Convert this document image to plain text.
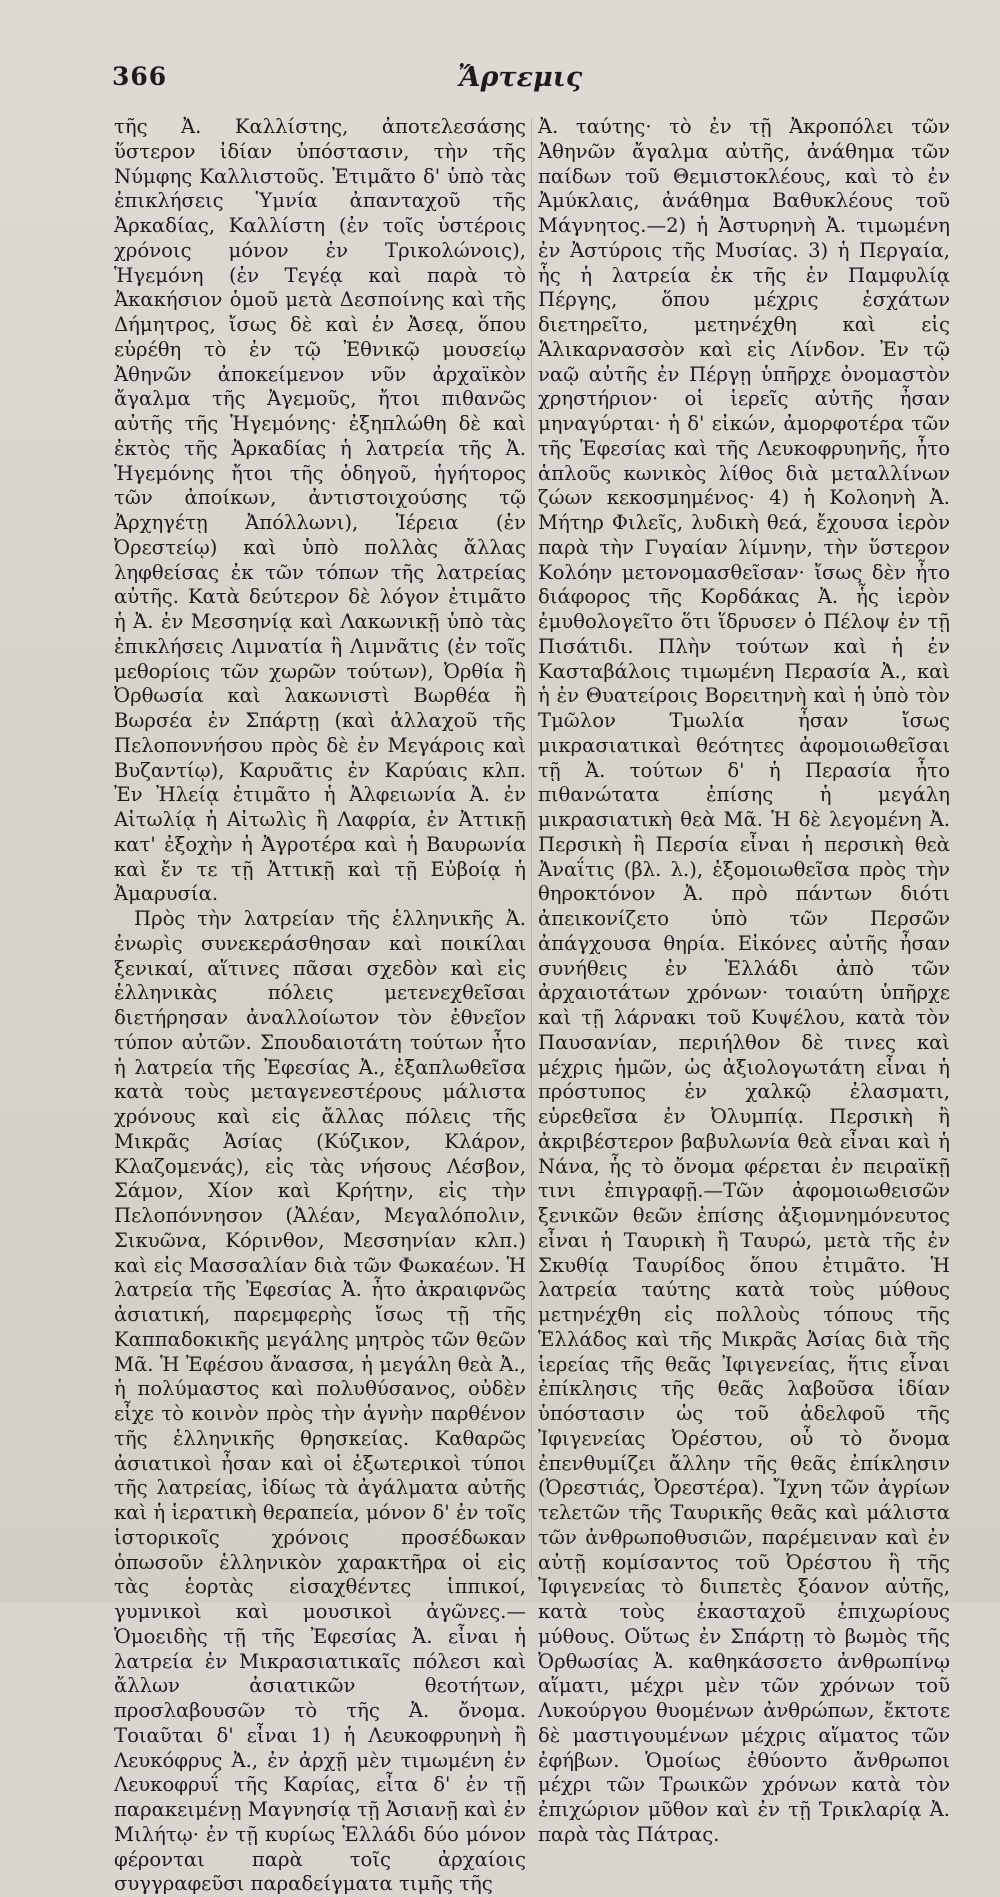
366	Ἄρτεμις

τῆς Ἀ. Καλλίστης, ἀποτελεσάσης ὕστερον ἰδίαν ὑπόστασιν, τὴν τῆς Νύμφης Καλλιστοῦς. Ἐτιμᾶτο δ' ὑπὸ τὰς ἐπικλήσεις Ὑμνία ἀπανταχοῦ τῆς Ἀρκαδίας, Καλλίστη (ἐν τοῖς ὑστέροις χρόνοις μόνον ἐν Τρικολώνοις), Ἡγεμόνη (ἐν Τεγέᾳ καὶ παρὰ τὸ Ἀκακήσιον ὁμοῦ μετὰ Δεσποίνης καὶ τῆς Δήμητρος, ἴσως δὲ καὶ ἐν Ἀσεᾳ, ὅπου εὑρέθη τὸ ἐν τῷ Ἐθνικῷ μουσείῳ Ἀθηνῶν ἀποκείμενον νῦν ἀρχαϊκὸν ἄγαλμα τῆς Ἀγεμοῦς, ἤτοι πιθανῶς αὐτῆς τῆς Ἡγεμόνης· ἐξηπλώθη δὲ καὶ ἐκτὸς τῆς Ἀρκαδίας ἡ λατρεία τῆς Ἀ. Ἡγεμόνης ἤτοι τῆς ὁδηγοῦ, ἡγήτορος τῶν ἀποίκων, ἀντιστοιχούσης τῷ Ἀρχηγέτῃ Ἀπόλλωνι), Ἱέρεια (ἐν Ὀρεστείῳ) καὶ ὑπὸ πολλὰς ἄλλας ληφθείσας ἐκ τῶν τόπων τῆς λατρείας αὐτῆς. Κατὰ δεύτερον δὲ λόγον ἐτιμᾶτο ἡ Ἀ. ἐν Μεσσηνίᾳ καὶ Λακωνικῇ ὑπὸ τὰς ἐπικλήσεις Λιμνατία ἢ Λιμνᾶτις (ἐν τοῖς μεθορίοις τῶν χωρῶν τούτων), Ὀρθία ἢ Ὀρθωσία καὶ λακωνιστὶ Βωρθέα ἢ Βωρσέα ἐν Σπάρτῃ (καὶ ἀλλαχοῦ τῆς Πελοποννήσου πρὸς δὲ ἐν Μεγάροις καὶ Βυζαντίῳ), Καρυᾶτις ἐν Καρύαις κλπ. Ἐν Ἠλείᾳ ἐτιμᾶτο ἡ Ἀλφειωνία Ἀ. ἐν Αἰτωλίᾳ ἡ Αἰτωλὶς ἢ Λαφρία, ἐν Ἀττικῇ κατ' ἐξοχὴν ἡ Ἀγροτέρα καὶ ἡ Βαυρωνία καὶ ἔν τε τῇ Ἀττικῇ καὶ τῇ Εὐβοίᾳ ἡ Ἀμαρυσία.

Πρὸς τὴν λατρείαν τῆς ἑλληνικῆς Ἀ. ἐνωρὶς συνεκεράσθησαν καὶ ποικίλαι ξενικαί, αἵτινες πᾶσαι σχεδὸν καὶ εἰς ἑλληνικὰς πόλεις μετενεχθεῖσαι διετήρησαν ἀναλλοίωτον τὸν ἐθνεῖον τύπον αὐτῶν. Σπουδαιοτάτη τούτων ἦτο ἡ λατρεία τῆς Ἐφεσίας Ἀ., ἐξαπλωθεῖσα κατὰ τοὺς μεταγενεστέρους μάλιστα χρόνους καὶ εἰς ἄλλας πόλεις τῆς Μικρᾶς Ἀσίας (Κύζικον, Κλάρον, Κλαζομενάς), εἰς τὰς νήσους Λέσβον, Σάμον, Χίον καὶ Κρήτην, εἰς τὴν Πελοπόννησον (Ἀλέαν, Μεγαλόπολιν, Σικυῶνα, Κόρινθον, Μεσσηνίαν κλπ.) καὶ εἰς Μασσαλίαν διὰ τῶν Φωκαέων. Ἡ λατρεία τῆς Ἐφεσίας Ἀ. ἦτο ἀκραιφνῶς ἀσιατική, παρεμφερὴς ἴσως τῇ τῆς Καππαδοκικῆς μεγάλης μητρὸς τῶν θεῶν Μᾶ. Ἡ Ἐφέσου ἄνασσα, ἡ μεγάλη θεὰ Ἀ., ἡ πολύμαστος καὶ πολυθύσανος, οὐδὲν εἶχε τὸ κοινὸν πρὸς τὴν ἁγνὴν παρθένον τῆς ἑλληνικῆς θρησκείας. Καθαρῶς ἀσιατικοὶ ἦσαν καὶ οἱ ἐξωτερικοὶ τύποι τῆς λατρείας, ἰδίως τὰ ἀγάλματα αὐτῆς καὶ ἡ ἱερατικὴ θεραπεία, μόνον δ' ἐν τοῖς ἱστορικοῖς χρόνοις προσέδωκαν ὁπωσοῦν ἑλληνικὸν χαρακτῆρα οἱ εἰς τὰς ἑορτὰς εἰσαχθέντες ἱππικοί, γυμνικοὶ καὶ μουσικοὶ ἀγῶνες.—Ὁμοειδὴς τῇ τῆς Ἐφεσίας Ἀ. εἶναι ἡ λατρεία ἐν Μικρασιατικαῖς πόλεσι καὶ ἄλλων ἀσιατικῶν θεοτήτων, προσλαβουσῶν τὸ τῆς Ἀ. ὄνομα. Τοιαῦται δ' εἶναι 1) ἡ Λευκοφρυηνὴ ἢ Λευκόφρυς Ἀ., ἐν ἀρχῇ μὲν τιμωμένη ἐν Λευκοφρυΐ τῆς Καρίας, εἶτα δ' ἐν τῇ παρακειμένῃ Μαγνησίᾳ τῇ Ἀσιανῇ καὶ ἐν Μιλήτῳ· ἐν τῇ κυρίως Ἑλλάδι δύο μόνον φέρονται παρὰ τοῖς ἀρχαίοις συγγραφεῦσι παραδείγματα τιμῆς τῆς

Ἀ. ταύτης· τὸ ἐν τῇ Ἀκροπόλει τῶν Ἀθηνῶν ἄγαλμα αὐτῆς, ἀνάθημα τῶν παίδων τοῦ Θεμιστοκλέους, καὶ τὸ ἐν Ἀμύκλαις, ἀνάθημα Βαθυκλέους τοῦ Μάγνητος.—2) ἡ Ἀστυρηνὴ Ἀ. τιμωμένη ἐν Ἀστύροις τῆς Μυσίας. 3) ἡ Περγαία, ἧς ἡ λατρεία ἐκ τῆς ἐν Παμφυλίᾳ Πέργης, ὅπου μέχρις ἐσχάτων διετηρεῖτο, μετηνέχθη καὶ εἰς Ἁλικαρνασσὸν καὶ εἰς Λίνδον. Ἐν τῷ ναῷ αὐτῆς ἐν Πέργῃ ὑπῆρχε ὀνομαστὸν χρηστήριον· οἱ ἱερεῖς αὐτῆς ἦσαν μηναγύρται· ἡ δ' εἰκών, ἀμορφοτέρα τῶν τῆς Ἐφεσίας καὶ τῆς Λευκοφρυηνῆς, ἦτο ἁπλοῦς κωνικὸς λίθος διὰ μεταλλίνων ζώων κεκοσμημένος· 4) ἡ Κολοηνὴ Ἀ. Μήτηρ Φιλεῖς, λυδικὴ θεά, ἔχουσα ἱερὸν παρὰ τὴν Γυγαίαν λίμνην, τὴν ὕστερον Κολόην μετονομασθεῖσαν· ἴσως δὲν ἦτο διάφορος τῆς Κορδάκας Ἀ. ἧς ἱερὸν ἐμυθολογεῖτο ὅτι ἵδρυσεν ὁ Πέλοψ ἐν τῇ Πισάτιδι. Πλὴν τούτων καὶ ἡ ἐν Κασταβάλοις τιμωμένη Περασία Ἀ., καὶ ἡ ἐν Θυατείροις Βορειτηνὴ καὶ ἡ ὑπὸ τὸν Τμῶλον Τμωλία ἦσαν ἴσως μικρασιατικαὶ θεότητες ἀφομοιωθεῖσαι τῇ Ἀ. τούτων δ' ἡ Περασία ἦτο πιθανώτατα ἐπίσης ἡ μεγάλη μικρασιατικὴ θεὰ Μᾶ. Ἡ δὲ λεγομένη Ἀ. Περσικὴ ἢ Περσία εἶναι ἡ περσικὴ θεὰ Ἀναΐτις (βλ. λ.), ἐξομοιωθεῖσα πρὸς τὴν θηροκτόνον Ἀ. πρὸ πάντων διότι ἀπεικονίζετο ὑπὸ τῶν Περσῶν ἀπάγχουσα θηρία. Εἰκόνες αὐτῆς ἦσαν συνήθεις ἐν Ἑλλάδι ἀπὸ τῶν ἀρχαιοτάτων χρόνων· τοιαύτη ὑπῆρχε καὶ τῇ λάρνακι τοῦ Κυψέλου, κατὰ τὸν Παυσανίαν, περιήλθον δὲ τινες καὶ μέχρις ἡμῶν, ὡς ἀξιολογωτάτη εἶναι ἡ πρόστυπος ἐν χαλκῷ ἐλασματι, εὑρεθεῖσα ἐν Ὀλυμπίᾳ. Περσικὴ ἢ ἀκριβέστερον βαβυλωνία θεὰ εἶναι καὶ ἡ Νάνα, ἧς τὸ ὄνομα φέρεται ἐν πειραϊκῇ τινι ἐπιγραφῇ.—Τῶν ἀφομοιωθεισῶν ξενικῶν θεῶν ἐπίσης ἀξιομνημόνευτος εἶναι ἡ Ταυρικὴ ἢ Ταυρώ, μετὰ τῆς ἐν Σκυθίᾳ Ταυρίδος ὅπου ἐτιμᾶτο. Ἡ λατρεία ταύτης κατὰ τοὺς μύθους μετηνέχθη εἰς πολλοὺς τόπους τῆς Ἑλλάδος καὶ τῆς Μικρᾶς Ἀσίας διὰ τῆς ἱερείας τῆς θεᾶς Ἰφιγενείας, ἥτις εἶναι ἐπίκλησις τῆς θεᾶς λαβοῦσα ἰδίαν ὑπόστασιν ὡς τοῦ ἀδελφοῦ τῆς Ἰφιγενείας Ὀρέστου, οὗ τὸ ὄνομα ἐπενθυμίζει ἄλλην τῆς θεᾶς ἐπίκλησιν (Ὀρεστιάς, Ὀρεστέρα). Ἴχνη τῶν ἀγρίων τελετῶν τῆς Ταυρικῆς θεᾶς καὶ μάλιστα τῶν ἀνθρωποθυσιῶν, παρέμειναν καὶ ἐν αὐτῇ κομίσαντος τοῦ Ὀρέστου ἢ τῆς Ἰφιγενείας τὸ διιπετὲς ξόανον αὐτῆς, κατὰ τοὺς ἑκασταχοῦ ἐπιχωρίους μύθους. Οὕτως ἐν Σπάρτῃ τὸ βωμὸς τῆς Ὀρθωσίας Ἀ. καθηκάσσετο ἀνθρωπίνῳ αἵματι, μέχρι μὲν τῶν χρόνων τοῦ Λυκούργου θυομένων ἀνθρώπων, ἔκτοτε δὲ μαστιγουμένων μέχρις αἵματος τῶν ἐφήβων. Ὁμοίως ἐθύοντο ἄνθρωποι μέχρι τῶν Τρωικῶν χρόνων κατὰ τὸν ἐπιχώριον μῦθον καὶ ἐν τῇ Τρικλαρίᾳ Ἀ. παρὰ τὰς Πάτρας.
